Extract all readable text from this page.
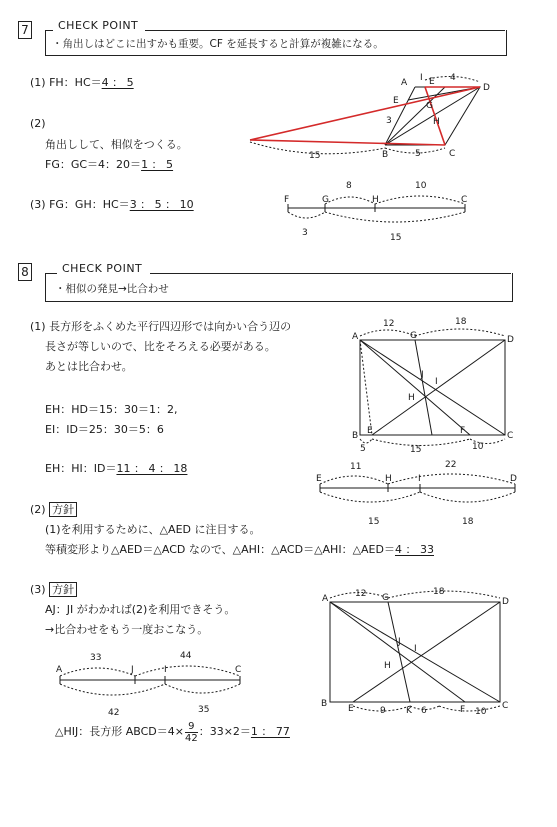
7	CHECK POINT
・角出しはどこに出すかも重要。CF を延長すると計算が複雑になる。
(1) FH：HC＝4 ： 5
(2)
角出しして、相似をつくる。
FG：GC＝4：20＝1 ： 5
(3) FG：GH：HC＝3 ： 5 ： 10
A I E 4
D
E	G
H
3
B	C
15	5
F	G	H	C
8	10
3	15
8	CHECK POINT
・相似の発見→比合わせ
(1) 長方形をふくめた平行四辺形では向かい合う辺の
長さが等しいので、比をそろえる必要がある。
あとは比合わせ。
EH：HD＝15：30＝1：2,
EI：ID＝25：30＝5：6
EH：HI：ID＝11 ： 4 ： 18
(2) 方針
(1)を利用するために、△AED に注目する。
等積変形より△AED＝△ACD なので、△AHI：△ACD＝△AHI：△AED＝4 ： 33
(3) 方針
AJ：JI がわかれば(2)を利用できそう。
→比合わせをもう一度おこなう。
△HIJ：長方形 ABCD＝4× $\frac{9}{42}$ ：33×2＝1 ： 77
A	D
B	C
E	F
G
H
I
J
12	18
5	15	10
E	H	I	D
11	22
15	18
A	J	I	C
33	44
42	35
A	G	D
B	C
E	K	F
H
I
J
12	18
9	6	10
